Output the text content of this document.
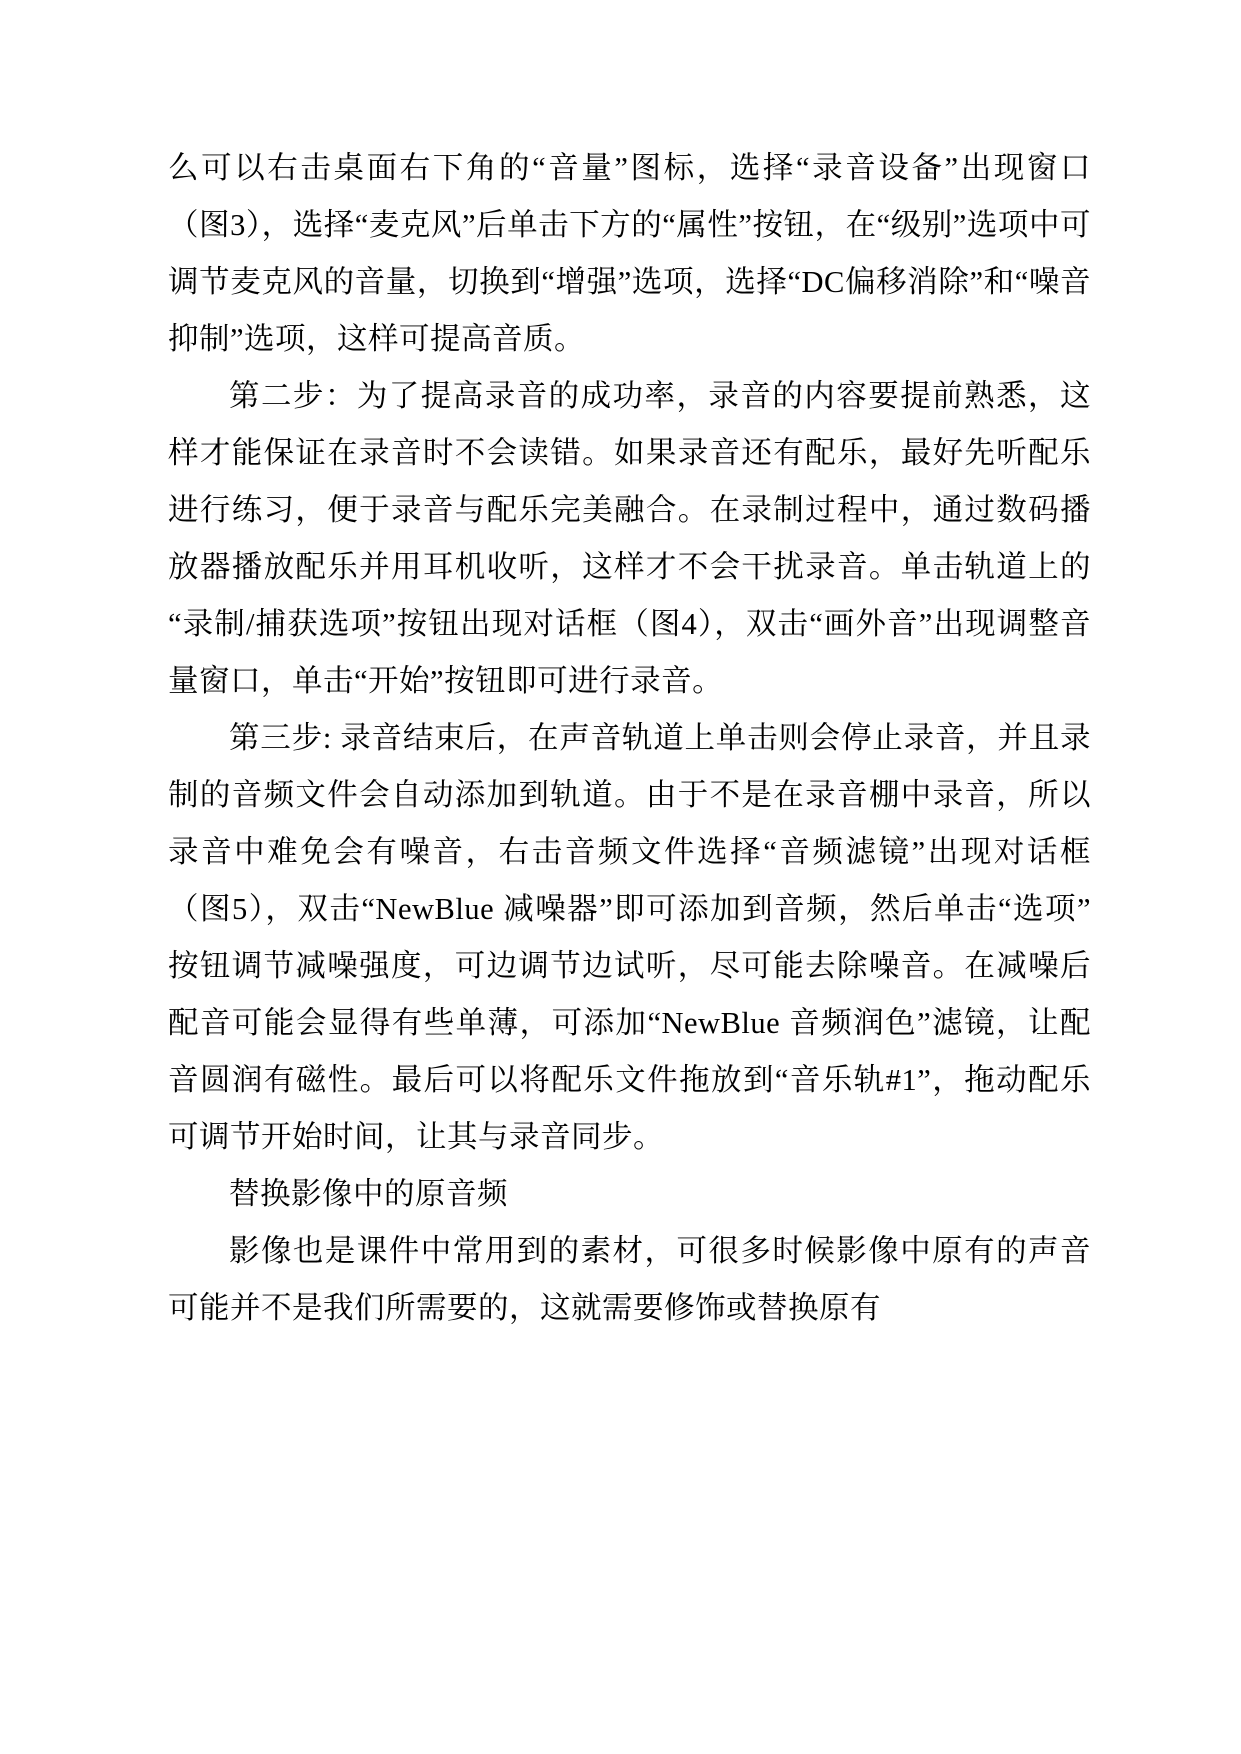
么可以右击桌面右下角的“音量”图标，选择“录音设备”出现窗口（图3），选择“麦克风”后单击下方的“属性”按钮，在“级别”选项中可调节麦克风的音量，切换到“增强”选项，选择“DC偏移消除”和“噪音抑制”选项，这样可提高音质。

第二步：为了提高录音的成功率，录音的内容要提前熟悉，这样才能保证在录音时不会读错。如果录音还有配乐，最好先听配乐进行练习，便于录音与配乐完美融合。在录制过程中，通过数码播放器播放配乐并用耳机收听，这样才不会干扰录音。单击轨道上的“录制/捕获选项”按钮出现对话框（图4），双击“画外音”出现调整音量窗口，单击“开始”按钮即可进行录音。

第三步: 录音结束后，在声音轨道上单击则会停止录音，并且录制的音频文件会自动添加到轨道。由于不是在录音棚中录音，所以录音中难免会有噪音，右击音频文件选择“音频滤镜”出现对话框（图5），双击“NewBlue 减噪器”即可添加到音频，然后单击“选项”按钮调节减噪强度，可边调节边试听，尽可能去除噪音。在减噪后配音可能会显得有些单薄，可添加“NewBlue 音频润色”滤镜，让配音圆润有磁性。最后可以将配乐文件拖放到“音乐轨#1”，拖动配乐可调节开始时间，让其与录音同步。

替换影像中的原音频

影像也是课件中常用到的素材，可很多时候影像中原有的声音可能并不是我们所需要的，这就需要修饰或替换原有
